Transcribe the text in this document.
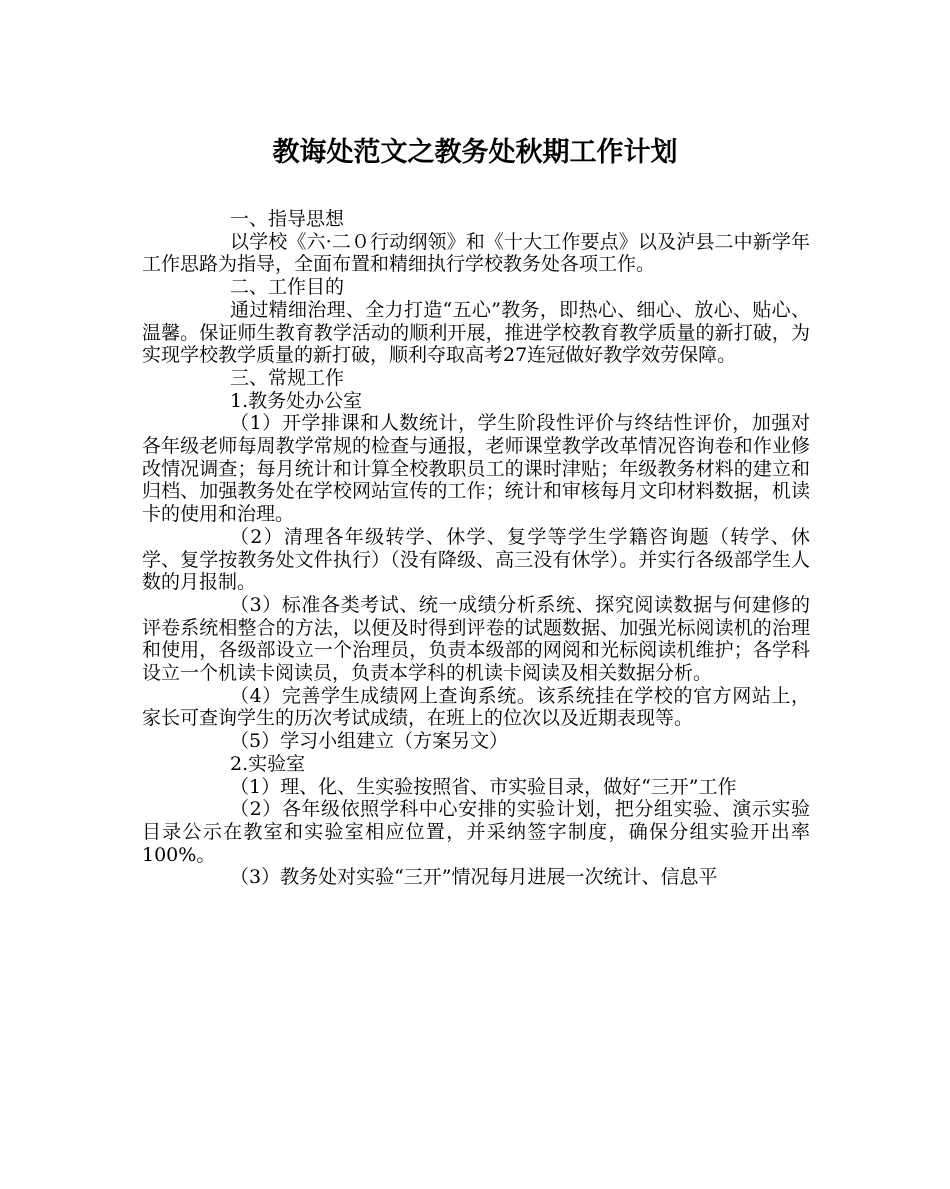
教诲处范文之教务处秋期工作计划

一、指导思想

以学校《六·二０行动纲领》和《十大工作要点》以及泸县二中新学年工作思路为指导，全面布置和精细执行学校教务处各项工作。

二、工作目的

通过精细治理、全力打造“五心”教务，即热心、细心、放心、贴心、温馨。保证师生教育教学活动的顺利开展，推进学校教育教学质量的新打破，为实现学校教学质量的新打破，顺利夺取高考27连冠做好教学效劳保障。

三、常规工作

1.教务处办公室

（1）开学排课和人数统计，学生阶段性评价与终结性评价，加强对各年级老师每周教学常规的检查与通报，老师课堂教学改革情况咨询卷和作业修改情况调查；每月统计和计算全校教职员工的课时津贴；年级教务材料的建立和归档、加强教务处在学校网站宣传的工作；统计和审核每月文印材料数据，机读卡的使用和治理。

（2）清理各年级转学、休学、复学等学生学籍咨询题（转学、休学、复学按教务处文件执行）（没有降级、高三没有休学）。并实行各级部学生人数的月报制。

（3）标准各类考试、统一成绩分析系统、探究阅读数据与何建修的评卷系统相整合的方法，以便及时得到评卷的试题数据、加强光标阅读机的治理和使用，各级部设立一个治理员，负责本级部的网阅和光标阅读机维护；各学科设立一个机读卡阅读员，负责本学科的机读卡阅读及相关数据分析。

（4）完善学生成绩网上查询系统。该系统挂在学校的官方网站上，家长可查询学生的历次考试成绩，在班上的位次以及近期表现等。

（5）学习小组建立（方案另文）

2.实验室

（1）理、化、生实验按照省、市实验目录，做好“三开”工作

（2）各年级依照学科中心安排的实验计划，把分组实验、演示实验目录公示在教室和实验室相应位置，并采纳签字制度，确保分组实验开出率100%。

（3）教务处对实验“三开”情况每月进展一次统计、信息平
